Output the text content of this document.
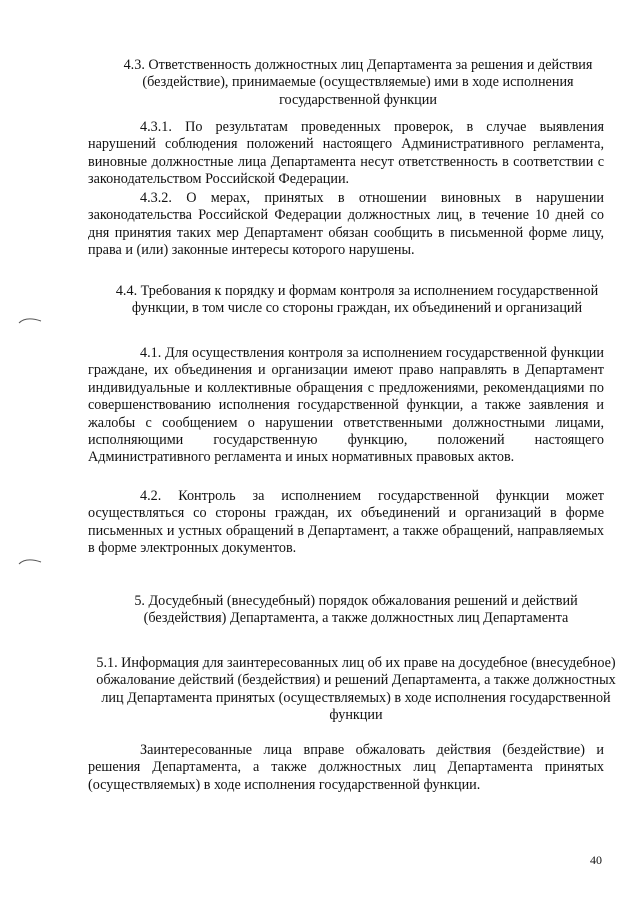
4.3. Ответственность должностных лиц Департамента за решения и действия (бездействие), принимаемые (осуществляемые) ими в ходе исполнения государственной функции

4.3.1. По результатам проведенных проверок, в случае выявления нарушений соблюдения положений настоящего Административного регламента, виновные должностные лица Департамента несут ответственность в соответствии с законодательством Российской Федерации.

4.3.2. О мерах, принятых в отношении виновных в нарушении законодательства Российской Федерации должностных лиц, в течение 10 дней со дня принятия таких мер Департамент обязан сообщить в письменной форме лицу, права и (или) законные интересы которого нарушены.

4.4. Требования к порядку и формам контроля за исполнением государственной функции, в том числе со стороны граждан, их объединений и организаций

4.1. Для осуществления контроля за исполнением государственной функции граждане, их объединения и организации имеют право направлять в Департамент индивидуальные и коллективные обращения с предложениями, рекомендациями по совершенствованию исполнения государственной функции, а также заявления и жалобы с сообщением о нарушении ответственными должностными лицами, исполняющими государственную функцию, положений настоящего Административного регламента и иных нормативных правовых актов.

4.2. Контроль за исполнением государственной функции может осуществляться со стороны граждан, их объединений и организаций в форме письменных и устных обращений в Департамент, а также обращений, направляемых в форме электронных документов.

5. Досудебный (внесудебный) порядок обжалования решений и действий (бездействия) Департамента, а также должностных лиц Департамента

5.1. Информация для заинтересованных лиц об их праве на досудебное (внесудебное) обжалование действий (бездействия) и решений Департамента, а также должностных лиц Департамента принятых (осуществляемых) в ходе исполнения государственной функции

Заинтересованные лица вправе обжаловать действия (бездействие) и решения Департамента, а также должностных лиц Департамента принятых (осуществляемых) в ходе исполнения государственной функции.

40
